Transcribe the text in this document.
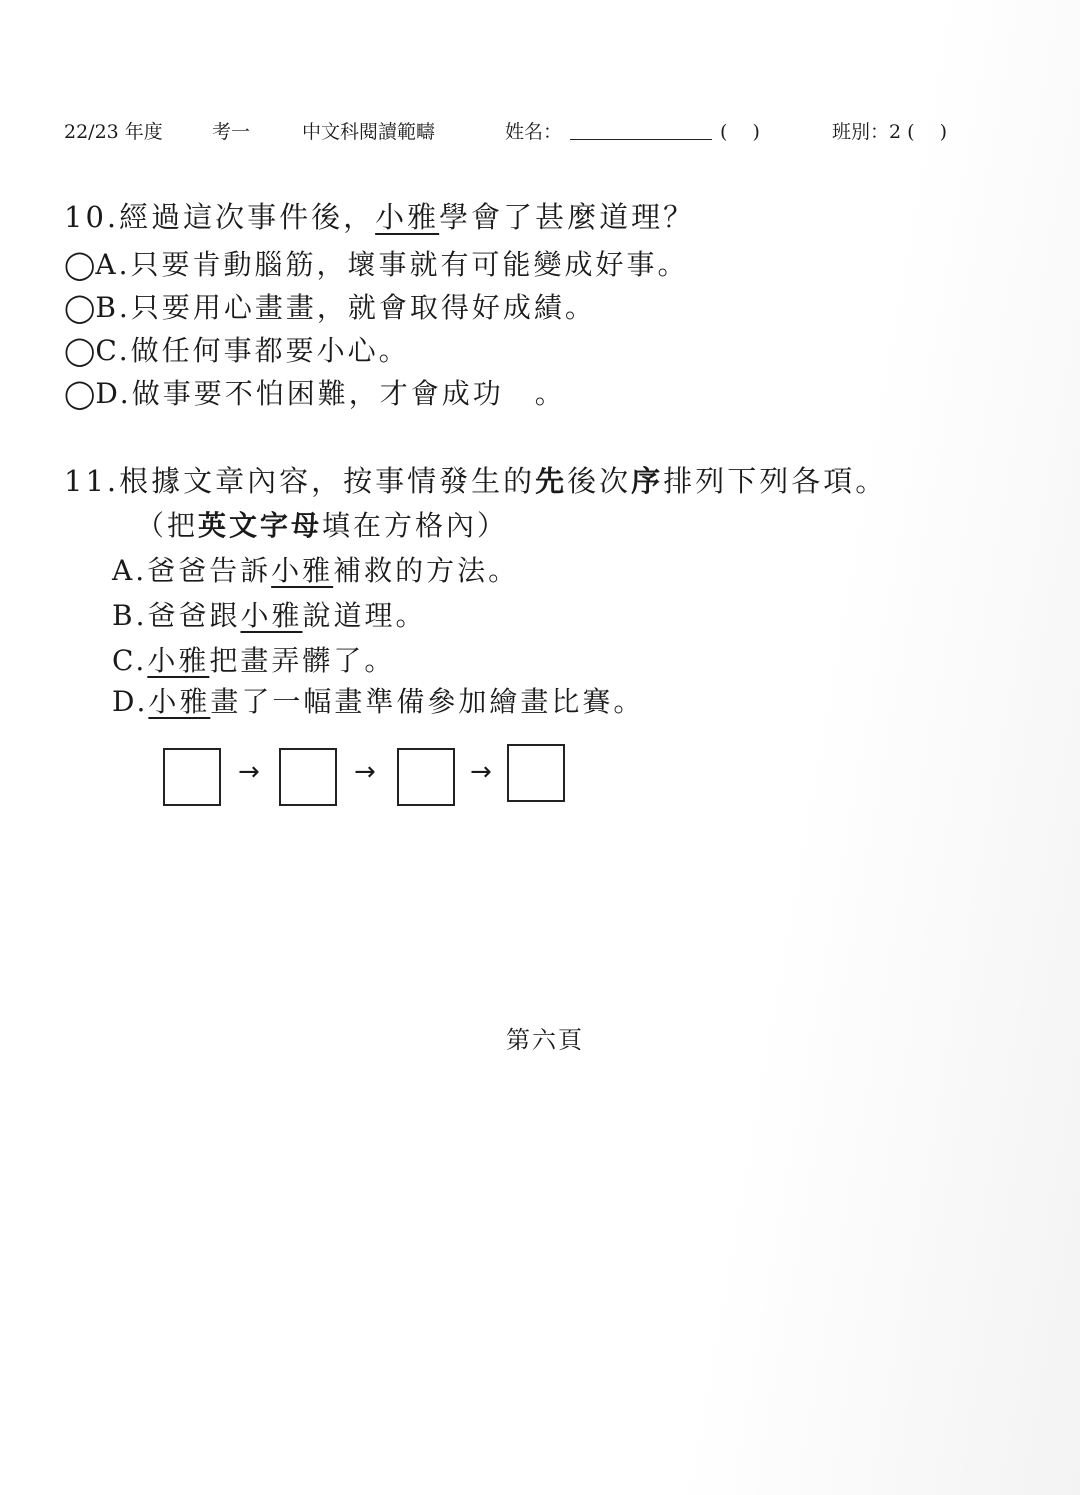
22/23 年度	考一	中文科閱讀範疇	姓名：	(　 )	班別：2 (　 )
10.經過這次事件後，小雅學會了甚麼道理？
◯A.只要肯動腦筋，壞事就有可能變成好事。
◯B.只要用心畫畫，就會取得好成績。
◯C.做任何事都要小心。
◯D.做事要不怕困難，才會成功　。
11.根據文章內容，按事情發生的先後次序排列下列各項。
（把英文字母填在方格內）
A.爸爸告訴小雅補救的方法。
B.爸爸跟小雅說道理。
C.小雅把畫弄髒了。
D.小雅畫了一幅畫準備參加繪畫比賽。
→	→	→
第六頁
